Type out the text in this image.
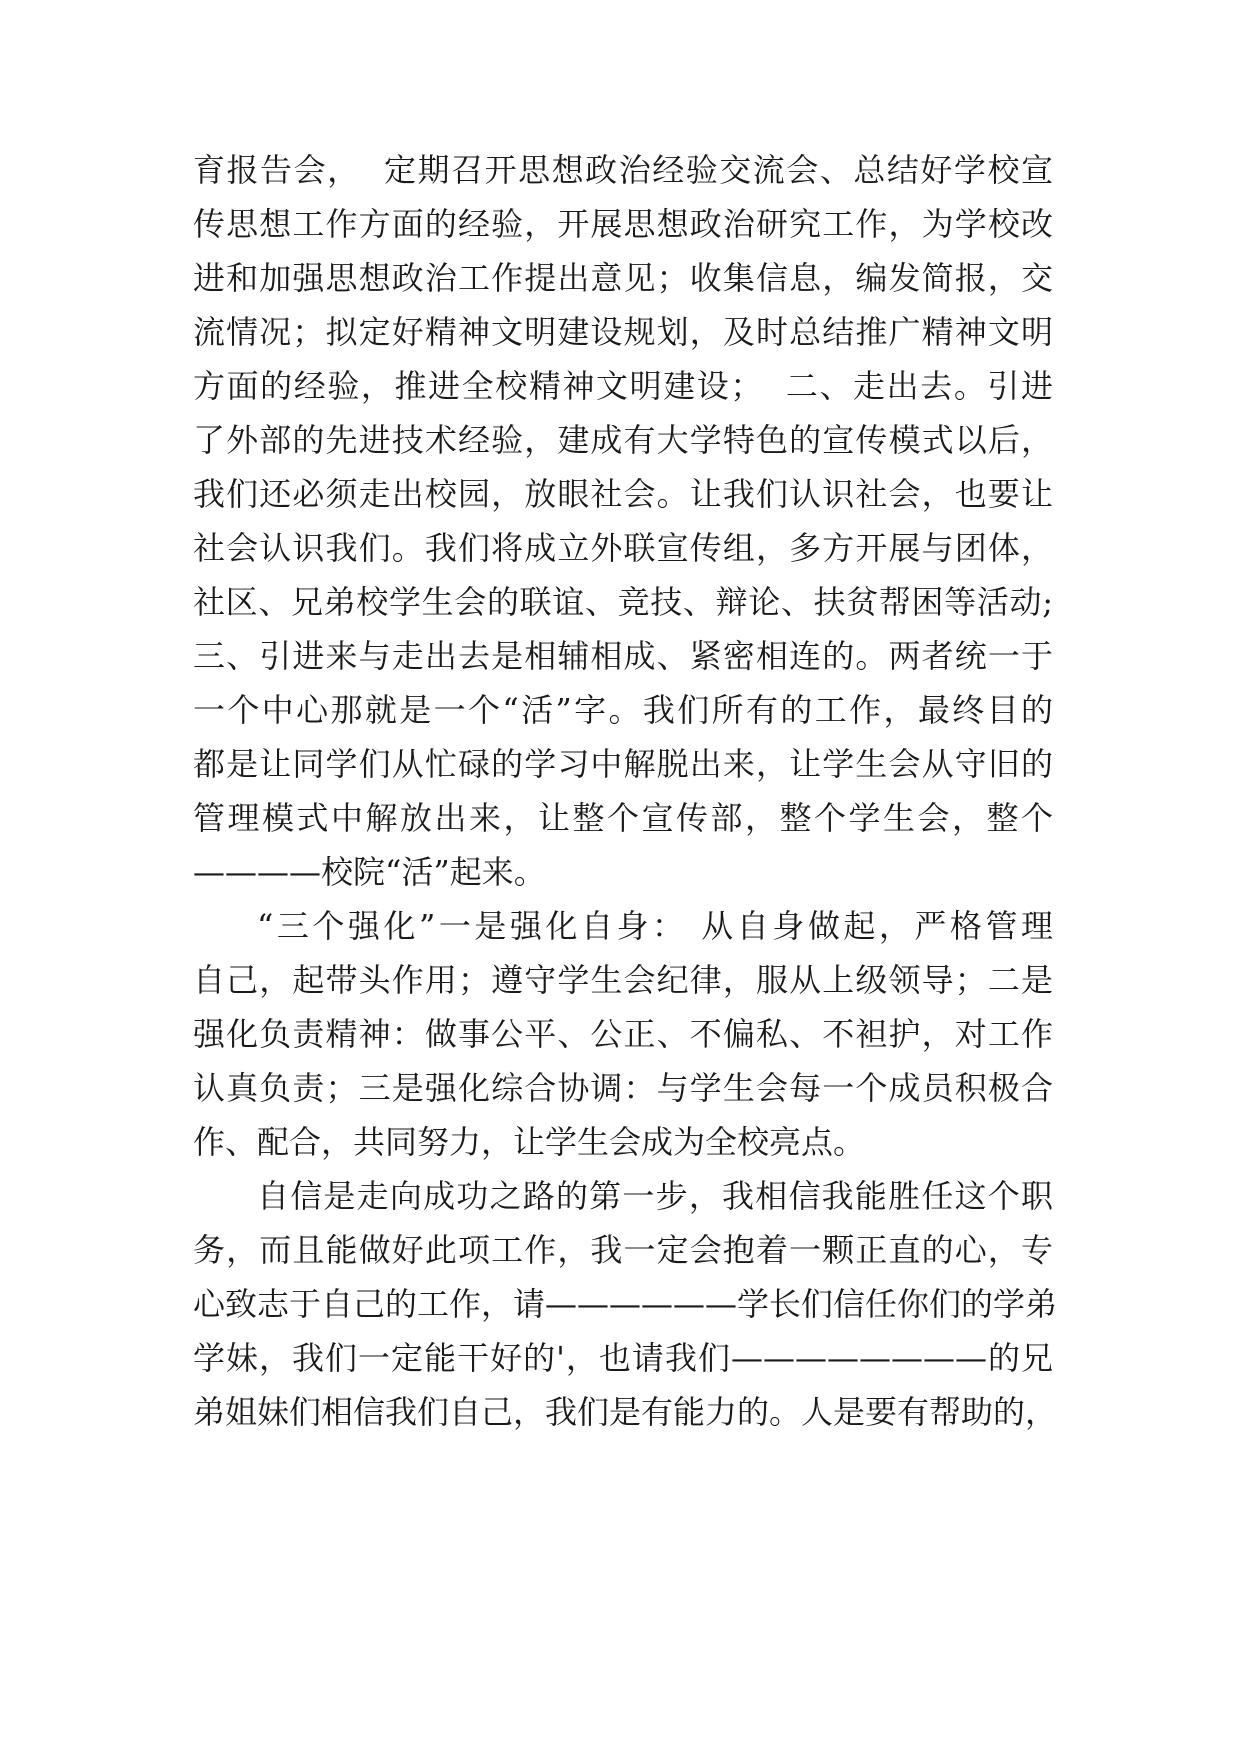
育报告会，  定期召开思想政治经验交流会、总结好学校宣
传思想工作方面的经验，开展思想政治研究工作，为学校改
进和加强思想政治工作提出意见；收集信息，编发简报，交
流情况；拟定好精神文明建设规划，及时总结推广精神文明
方面的经验，推进全校精神文明建设；  二、走出去。引进
了外部的先进技术经验，建成有大学特色的宣传模式以后，
我们还必须走出校园，放眼社会。让我们认识社会，也要让
社会认识我们。我们将成立外联宣传组，多方开展与团体，
社区、兄弟校学生会的联谊、竞技、辩论、扶贫帮困等活动;
三、引进来与走出去是相辅相成、紧密相连的。两者统一于
一个中心那就是一个“活”字。我们所有的工作，最终目的
都是让同学们从忙碌的学习中解脱出来，让学生会从守旧的
管理模式中解放出来，让整个宣传部，整个学生会，整个
————校院“活”起来。
“三个强化”一是强化自身： 从自身做起，严格管理
自己，起带头作用；遵守学生会纪律，服从上级领导；二是
强化负责精神：做事公平、公正、不偏私、不袒护，对工作
认真负责；三是强化综合协调：与学生会每一个成员积极合
作、配合，共同努力，让学生会成为全校亮点。
自信是走向成功之路的第一步，我相信我能胜任这个职
务，而且能做好此项工作，我一定会抱着一颗正直的心，专
心致志于自己的工作，请——————学长们信任你们的学弟
学妹，我们一定能干好的'，也请我们————————的兄
弟姐妹们相信我们自己，我们是有能力的。人是要有帮助的，
